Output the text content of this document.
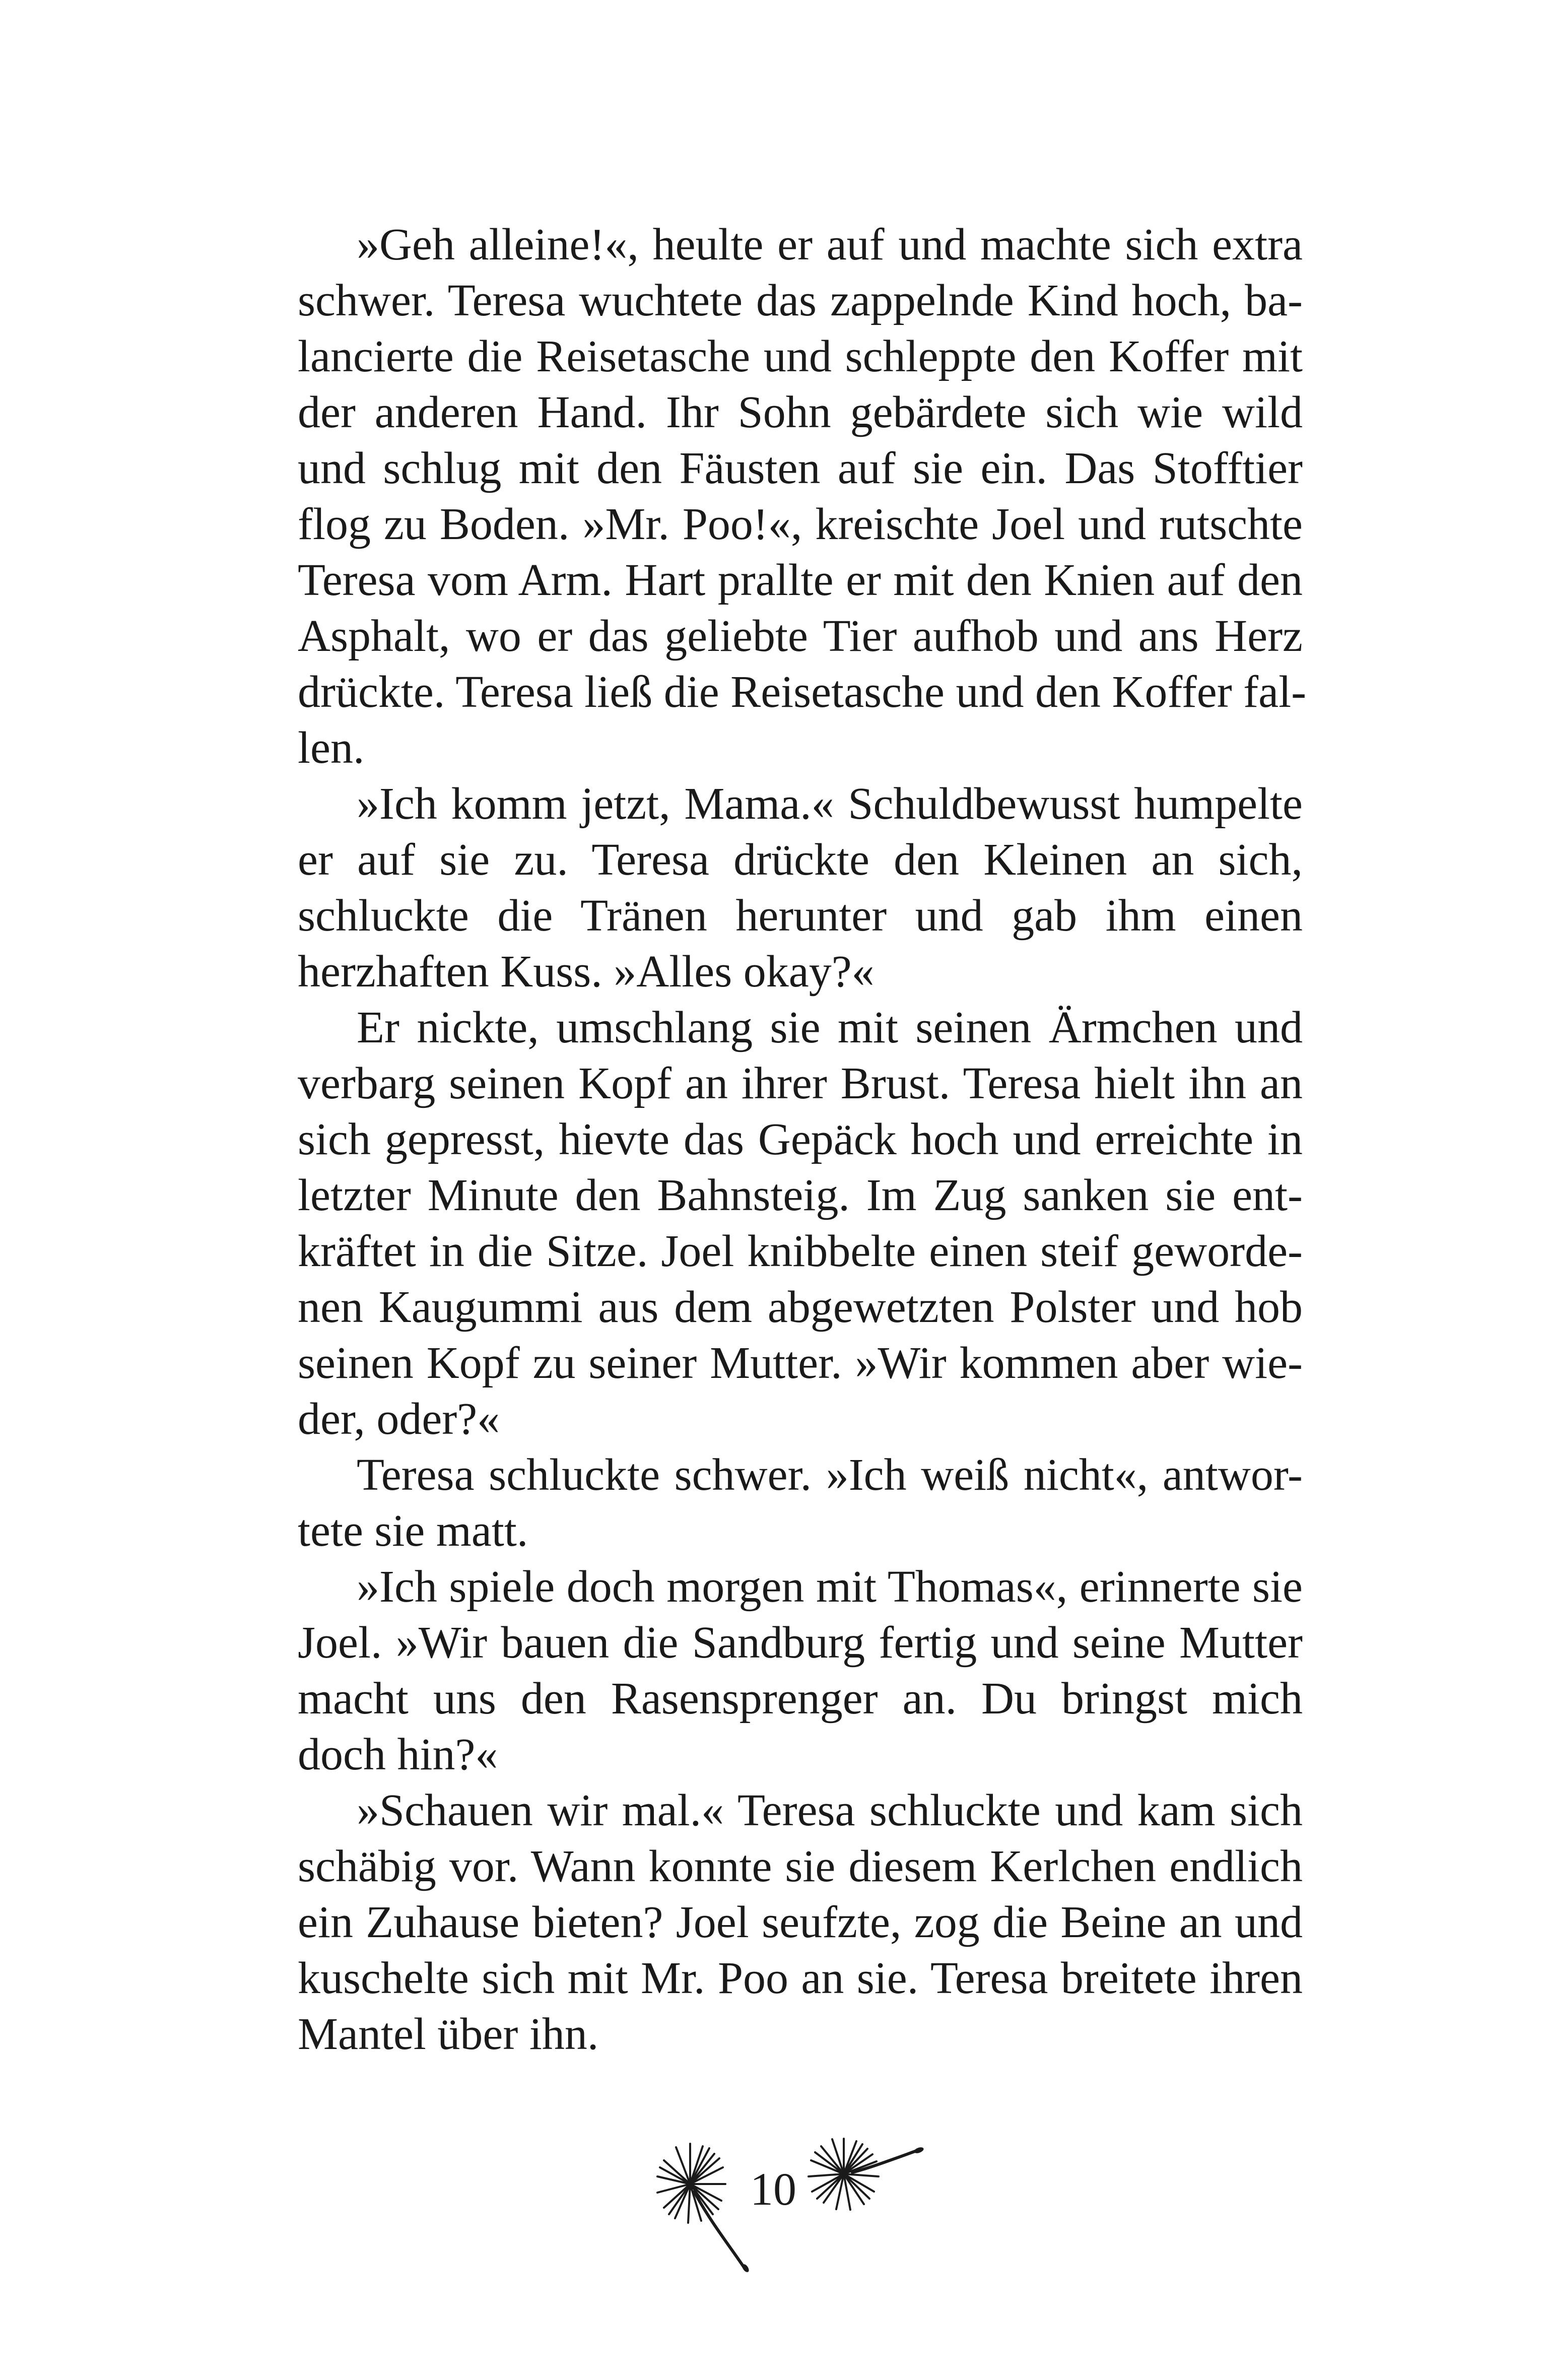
»Geh alleine!«, heulte er auf und machte sich extra
schwer. Teresa wuchtete das zappelnde Kind hoch, ba-
lancierte die Reisetasche und schleppte den Koffer mit
der anderen Hand. Ihr Sohn gebärdete sich wie wild
und schlug mit den Fäusten auf sie ein. Das Stofftier
flog zu Boden. »Mr. Poo!«, kreischte Joel und rutschte
Teresa vom Arm. Hart prallte er mit den Knien auf den
Asphalt, wo er das geliebte Tier aufhob und ans Herz
drückte. Teresa ließ die Reisetasche und den Koffer fal-
len.
»Ich komm jetzt, Mama.« Schuldbewusst humpelte
er auf sie zu. Teresa drückte den Kleinen an sich,
schluckte die Tränen herunter und gab ihm einen
herzhaften Kuss. »Alles okay?«
Er nickte, umschlang sie mit seinen Ärmchen und
verbarg seinen Kopf an ihrer Brust. Teresa hielt ihn an
sich gepresst, hievte das Gepäck hoch und erreichte in
letzter Minute den Bahnsteig. Im Zug sanken sie ent-
kräftet in die Sitze. Joel knibbelte einen steif geworde-
nen Kaugummi aus dem abgewetzten Polster und hob
seinen Kopf zu seiner Mutter. »Wir kommen aber wie-
der, oder?«
Teresa schluckte schwer. »Ich weiß nicht«, antwor-
tete sie matt.
»Ich spiele doch morgen mit Thomas«, erinnerte sie
Joel. »Wir bauen die Sandburg fertig und seine Mutter
macht uns den Rasensprenger an. Du bringst mich
doch hin?«
»Schauen wir mal.« Teresa schluckte und kam sich
schäbig vor. Wann konnte sie diesem Kerlchen endlich
ein Zuhause bieten? Joel seufzte, zog die Beine an und
kuschelte sich mit Mr. Poo an sie. Teresa breitete ihren
Mantel über ihn.
10
